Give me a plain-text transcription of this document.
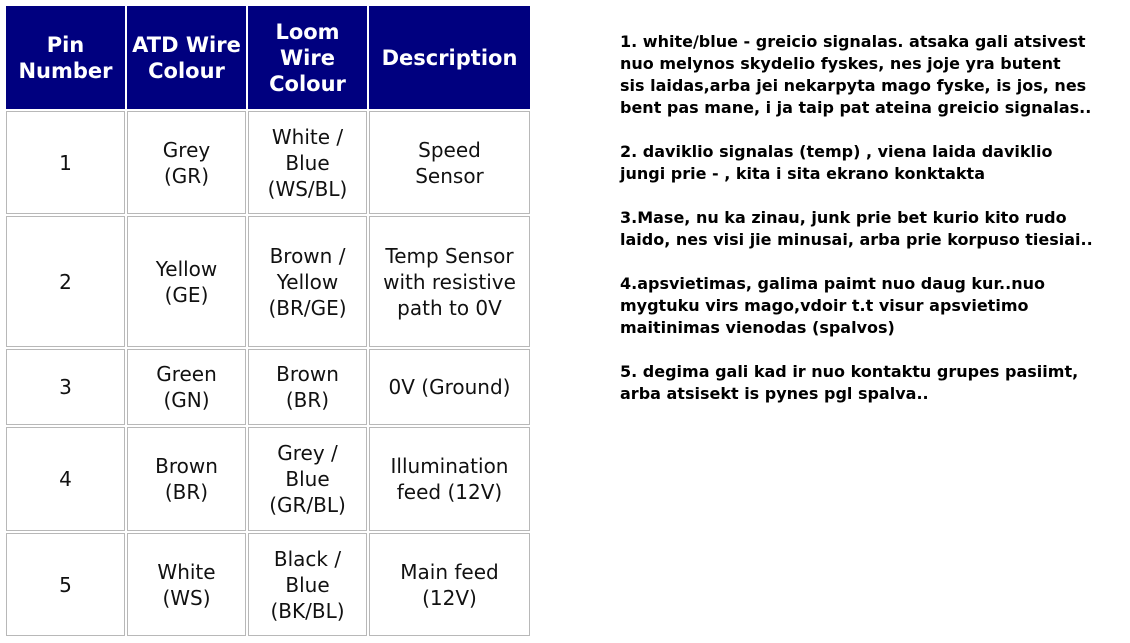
Pin Number	ATD Wire Colour	Loom Wire Colour	Description
1	Grey (GR)	White / Blue (WS/BL)	Speed Sensor
2	Yellow (GE)	Brown / Yellow (BR/GE)	Temp Sensor with resistive path to 0V
3	Green (GN)	Brown (BR)	0V (Ground)
4	Brown (BR)	Grey / Blue (GR/BL)	Illumination feed (12V)
5	White (WS)	Black / Blue (BK/BL)	Main feed (12V)

1. white/blue - greicio signalas. atsaka gali atsivest
nuo melynos skydelio fyskes, nes joje yra butent
sis laidas,arba jei nekarpyta mago fyske, is jos, nes
bent pas mane, i ja taip pat ateina greicio signalas..

2. daviklio signalas (temp) , viena laida daviklio
jungi prie - , kita i sita ekrano konktakta

3.Mase, nu ka zinau, junk prie bet kurio kito rudo
laido, nes visi jie minusai, arba prie korpuso tiesiai..

4.apsvietimas, galima paimt nuo daug kur..nuo
mygtuku virs mago,vdoir t.t visur apsvietimo
maitinimas vienodas (spalvos)

5. degima gali kad ir nuo kontaktu grupes pasiimt,
arba atsisekt is pynes pgl spalva..
